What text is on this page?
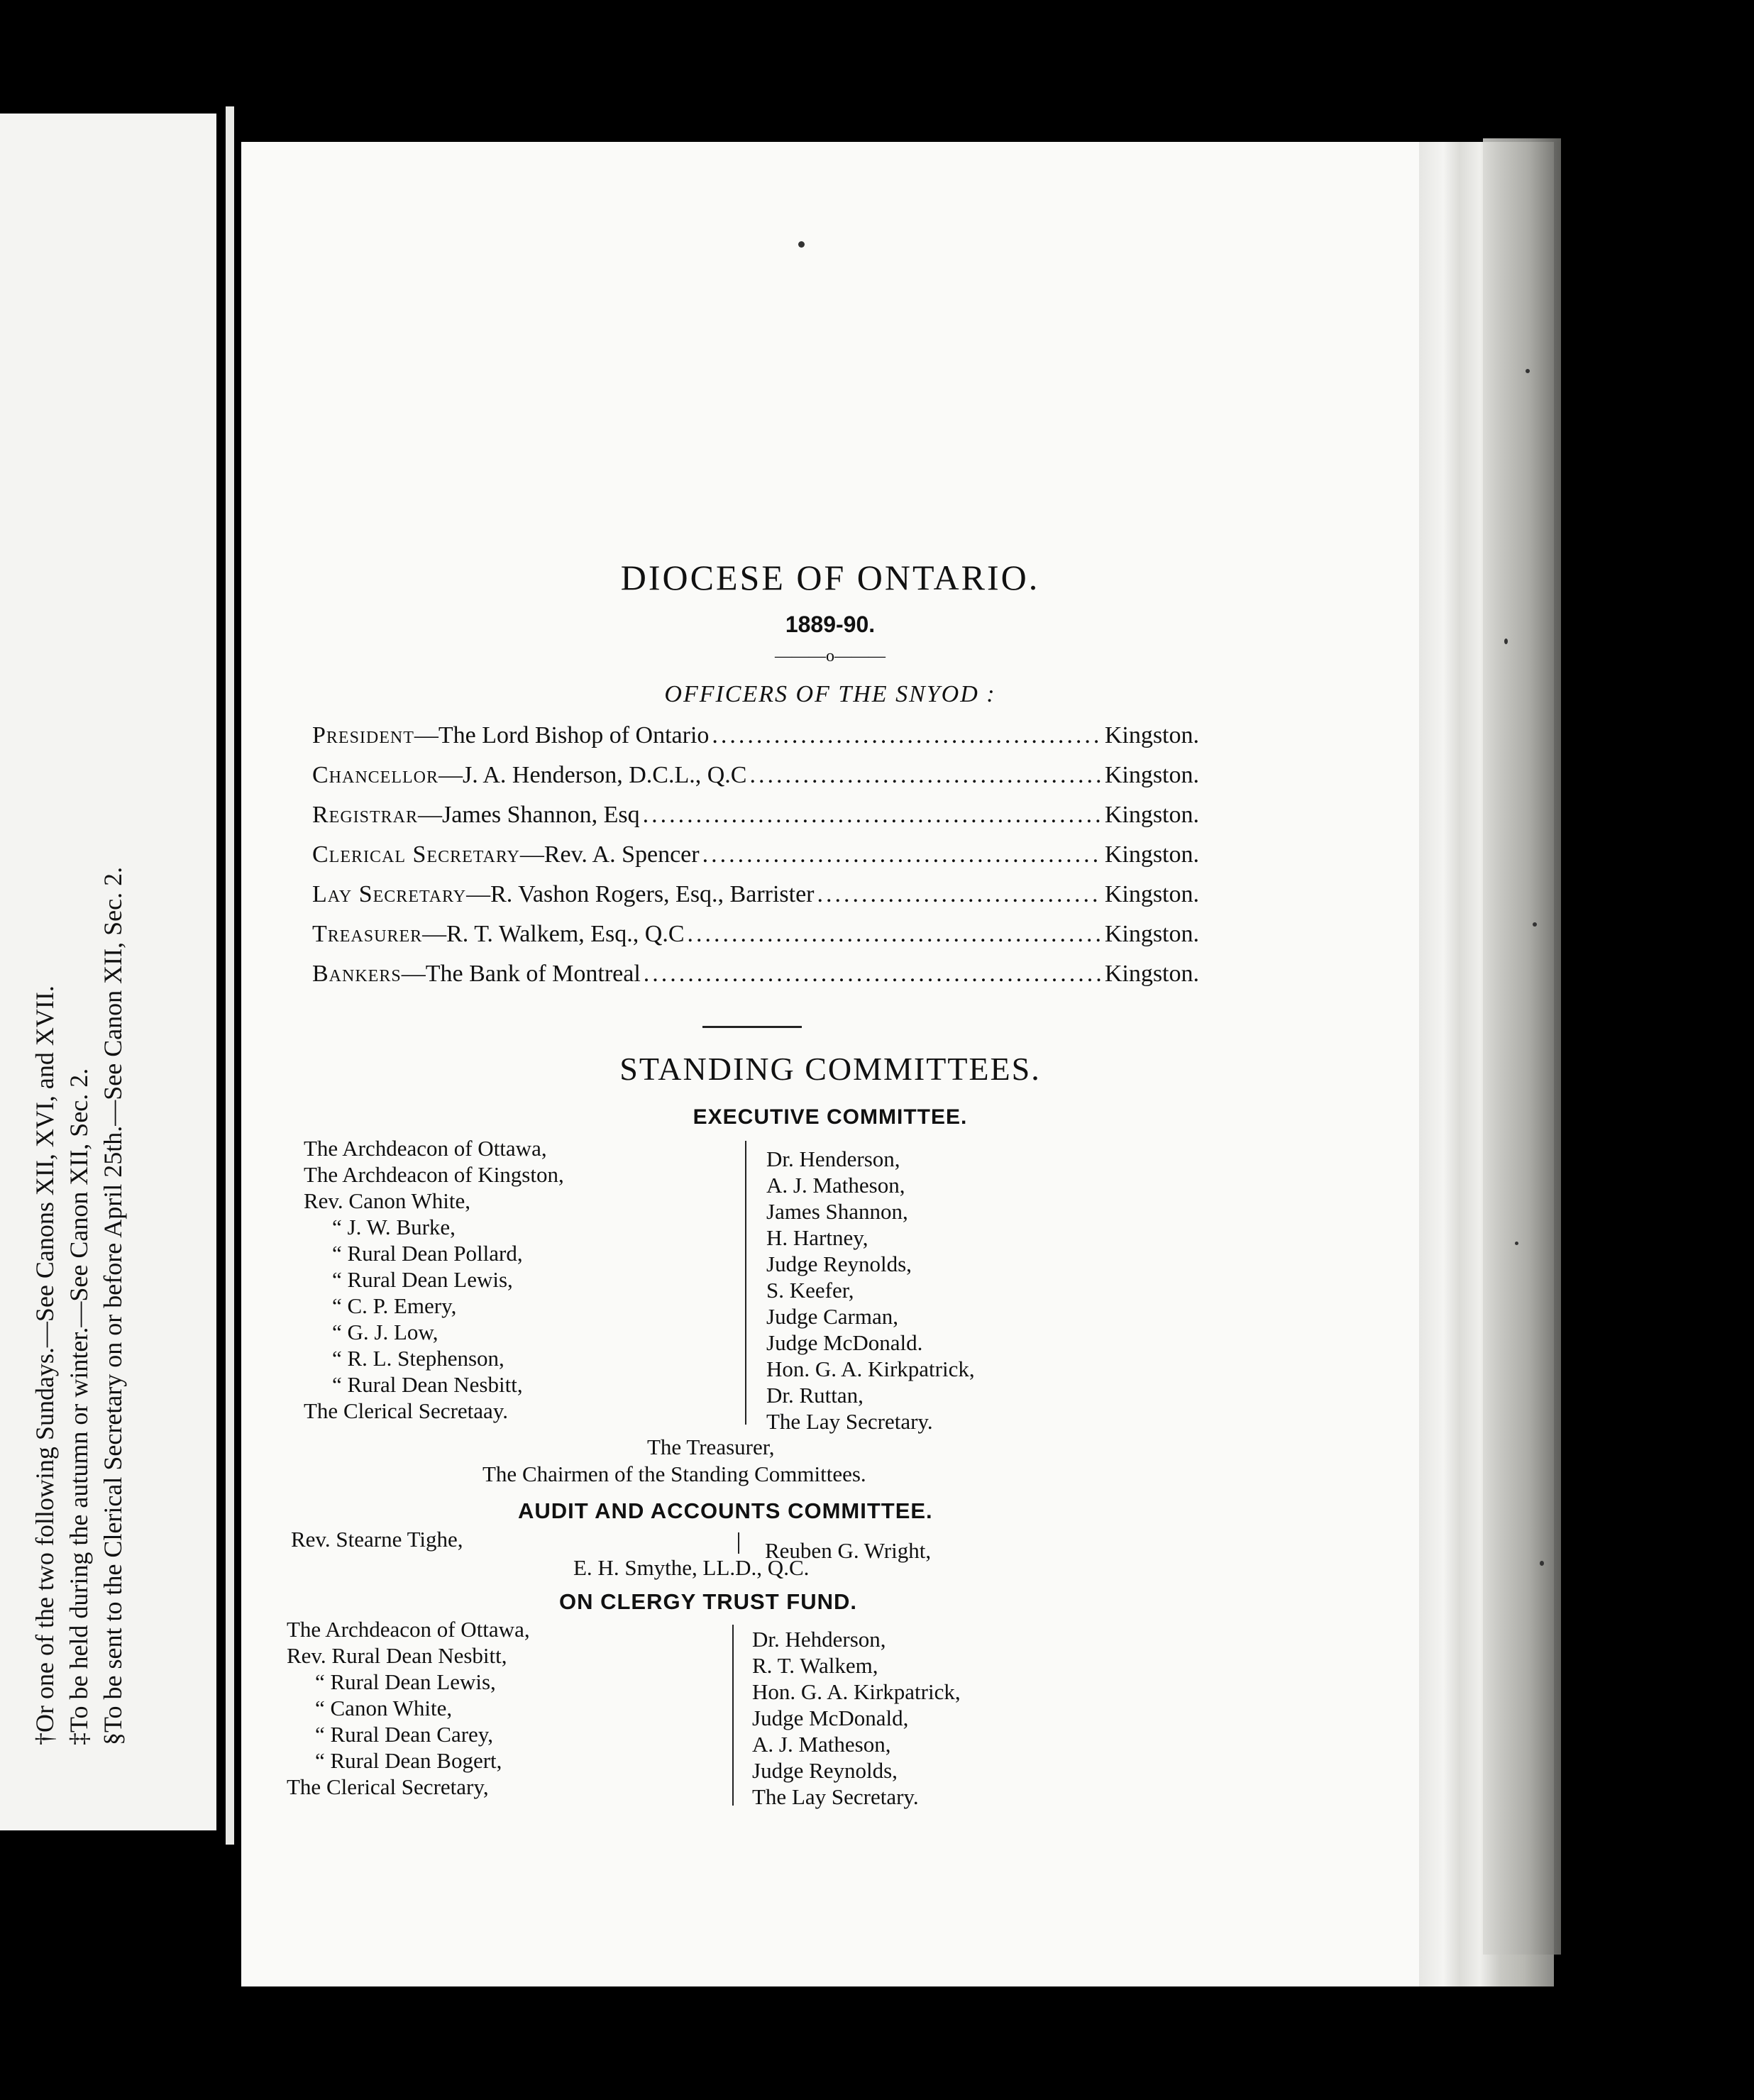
†Or one of the two following Sundays.—See Canons XII, XVI, and XVII. ‡To be held during the autumn or winter.—See Canon XII, Sec. 2. §To be sent to the Clerical Secretary on or before April 25th.—See Canon XII, Sec. 2.
DIOCESE OF ONTARIO.
1889-90.
———o———
OFFICERS OF THE SNYOD :
President —The Lord Bishop of Ontario .....	Kingston.
Chancellor —J. A. Henderson, D.C.L., Q.C .....	Kingston.
Registrar —James Shannon, Esq .....	Kingston.
Clerical Secretary —Rev. A. Spencer .....	Kingston.
Lay Secretary —R. Vashon Rogers, Esq., Barrister .....	Kingston.
Treasurer —R. T. Walkem, Esq., Q.C .....	Kingston.
Bankers —The Bank of Montreal .....	Kingston.
STANDING COMMITTEES.
EXECUTIVE COMMITTEE.
The Archdeacon of Ottawa,
The Archdeacon of Kingston,
Rev. Canon White,
“ J. W. Burke,
“ Rural Dean Pollard,
“ Rural Dean Lewis,
“ C. P. Emery,
“ G. J. Low,
“ R. L. Stephenson,
“ Rural Dean Nesbitt,
The Clerical Secretaay.
Dr. Henderson,
A. J. Matheson,
James Shannon,
H. Hartney,
Judge Reynolds,
S. Keefer,
Judge Carman,
Judge McDonald.
Hon. G. A. Kirkpatrick,
Dr. Ruttan,
The Lay Secretary.
The Treasurer,
The Chairmen of the Standing Committees.
AUDIT AND ACCOUNTS COMMITTEE.
Rev. Stearne Tighe,	Reuben G. Wright,
E. H. Smythe, LL.D., Q.C.
ON CLERGY TRUST FUND.
The Archdeacon of Ottawa,
Rev. Rural Dean Nesbitt,
“ Rural Dean Lewis,
“ Canon White,
“ Rural Dean Carey,
“ Rural Dean Bogert,
The Clerical Secretary,
Dr. Hehderson,
R. T. Walkem,
Hon. G. A. Kirkpatrick,
Judge McDonald,
A. J. Matheson,
Judge Reynolds,
The Lay Secretary.
